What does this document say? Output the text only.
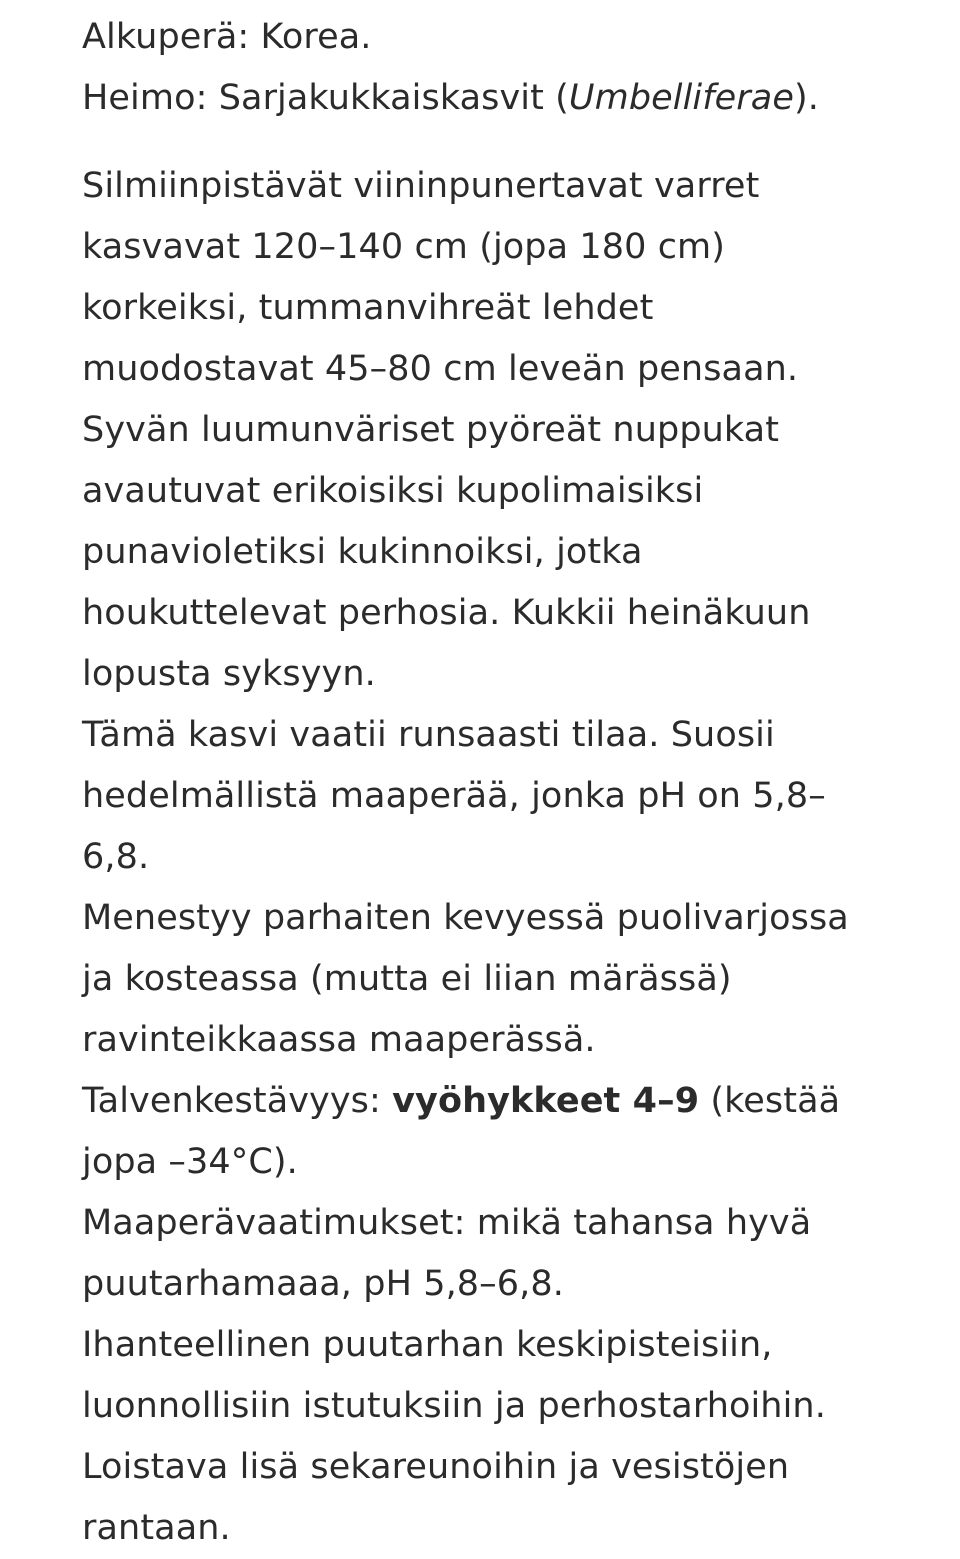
Alkuperä: Korea.
Heimo: Sarjakukkaiskasvit (Umbelliferae).
Silmiinpistävät viininpunertavat varret
kasvavat 120–140 cm (jopa 180 cm)
korkeiksi, tummanvihreät lehdet
muodostavat 45–80 cm leveän pensaan.
Syvän luumunväriset pyöreät nuppukat
avautuvat erikoisiksi kupolimaisiksi
punavioletiksi kukinnoiksi, jotka
houkuttelevat perhosia. Kukkii heinäkuun
lopusta syksyyn.
Tämä kasvi vaatii runsaasti tilaa. Suosii
hedelmällistä maaperää, jonka pH on 5,8–
6,8.
Menestyy parhaiten kevyessä puolivarjossa
ja kosteassa (mutta ei liian märässä)
ravinteikkaassa maaperässä.
Talvenkestävyys: vyöhykkeet 4–9 (kestää
jopa –34°C).
Maaperävaatimukset: mikä tahansa hyvä
puutarhamaaa, pH 5,8–6,8.
Ihanteellinen puutarhan keskipisteisiin,
luonnollisiin istutuksiin ja perhostarhoihin.
Loistava lisä sekareunoihin ja vesistöjen
rantaan.
